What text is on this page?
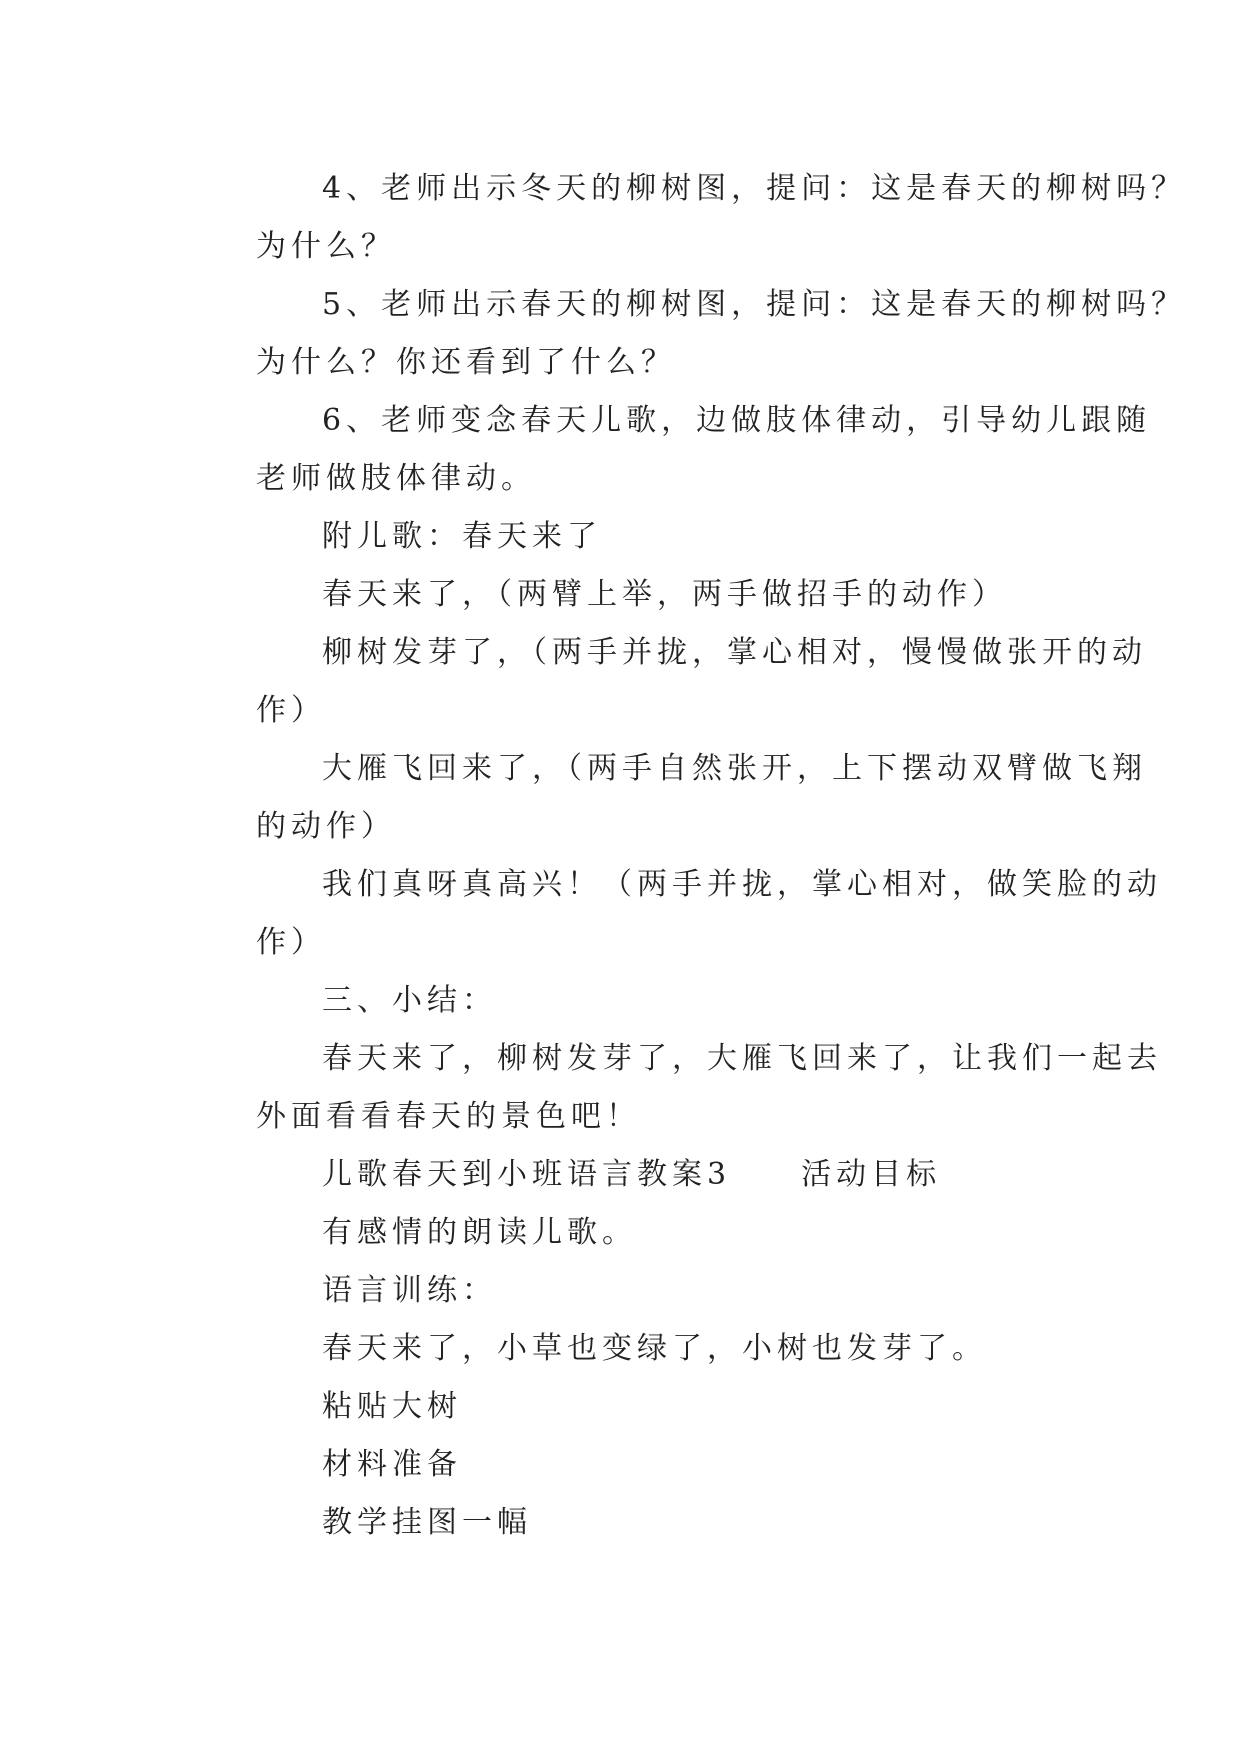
4、老师出示冬天的柳树图，提问：这是春天的柳树吗？
为什么？

5、老师出示春天的柳树图，提问：这是春天的柳树吗？
为什么？你还看到了什么？

6、老师变念春天儿歌，边做肢体律动，引导幼儿跟随
老师做肢体律动。

附儿歌：春天来了

春天来了，（两臂上举，两手做招手的动作）

柳树发芽了，（两手并拢，掌心相对，慢慢做张开的动
作）

大雁飞回来了，（两手自然张开，上下摆动双臂做飞翔
的动作）

我们真呀真高兴！（两手并拢，掌心相对，做笑脸的动
作）

三、小结：

春天来了，柳树发芽了，大雁飞回来了，让我们一起去
外面看看春天的景色吧！

儿歌春天到小班语言教案3 活动目标

有感情的朗读儿歌。

语言训练：

春天来了，小草也变绿了，小树也发芽了。

粘贴大树

材料准备

教学挂图一幅
